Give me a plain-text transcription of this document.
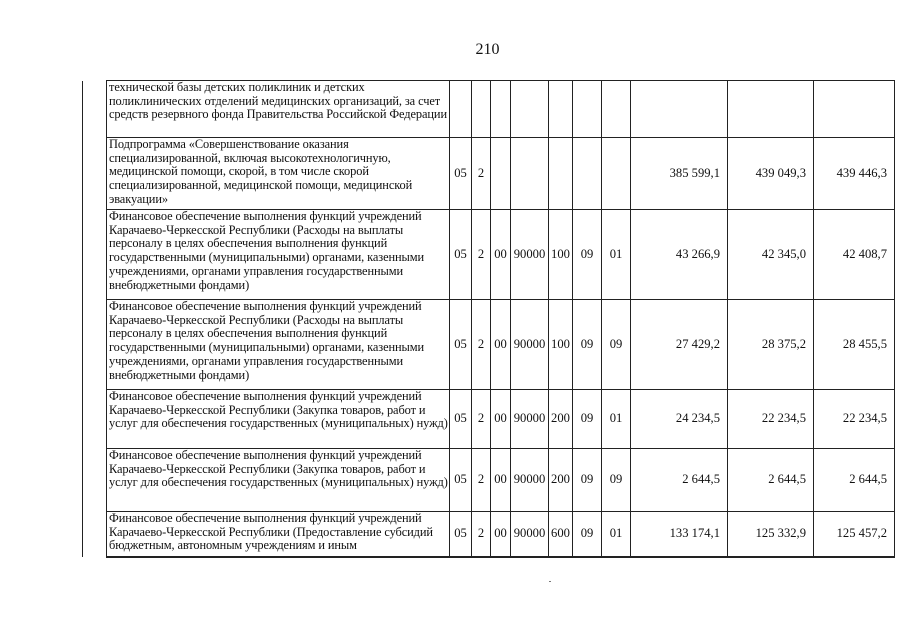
210
	технической базы детских поликлиник и детских поликлинических отделений медицинских организаций, за счет средств резервного фонда Правительства Российской Федерации										
	Подпрограмма «Совершенствование оказания специализированной, включая высокотехнологичную, медицинской помощи, скорой, в том числе скорой специализированной, медицинской помощи, медицинской эвакуации»	05	2						385 599,1	439 049,3	439 446,3
	Финансовое обеспечение выполнения функций учреждений Карачаево-Черкесской Республики (Расходы на выплаты персоналу в целях обеспечения выполнения функций государственными (муниципальными) органами, казенными учреждениями, органами управления государственными внебюджетными фондами)	05	2	00	90000	100	09	01	43 266,9	42 345,0	42 408,7
	Финансовое обеспечение выполнения функций учреждений Карачаево-Черкесской Республики (Расходы на выплаты персоналу в целях обеспечения выполнения функций государственными (муниципальными) органами, казенными учреждениями, органами управления государственными внебюджетными фондами)	05	2	00	90000	100	09	09	27 429,2	28 375,2	28 455,5
	Финансовое обеспечение выполнения функций учреждений Карачаево-Черкесской Республики (Закупка товаров, работ и услуг для обеспечения государственных (муниципальных) нужд)	05	2	00	90000	200	09	01	24 234,5	22 234,5	22 234,5
	Финансовое обеспечение выполнения функций учреждений Карачаево-Черкесской Республики (Закупка товаров, работ и услуг для обеспечения государственных (муниципальных) нужд)	05	2	00	90000	200	09	09	2 644,5	2 644,5	2 644,5
	Финансовое обеспечение выполнения функций учреждений Карачаево-Черкесской Республики (Предоставление субсидий бюджетным, автономным учреждениям и иным	05	2	00	90000	600	09	01	133 174,1	125 332,9	125 457,2
